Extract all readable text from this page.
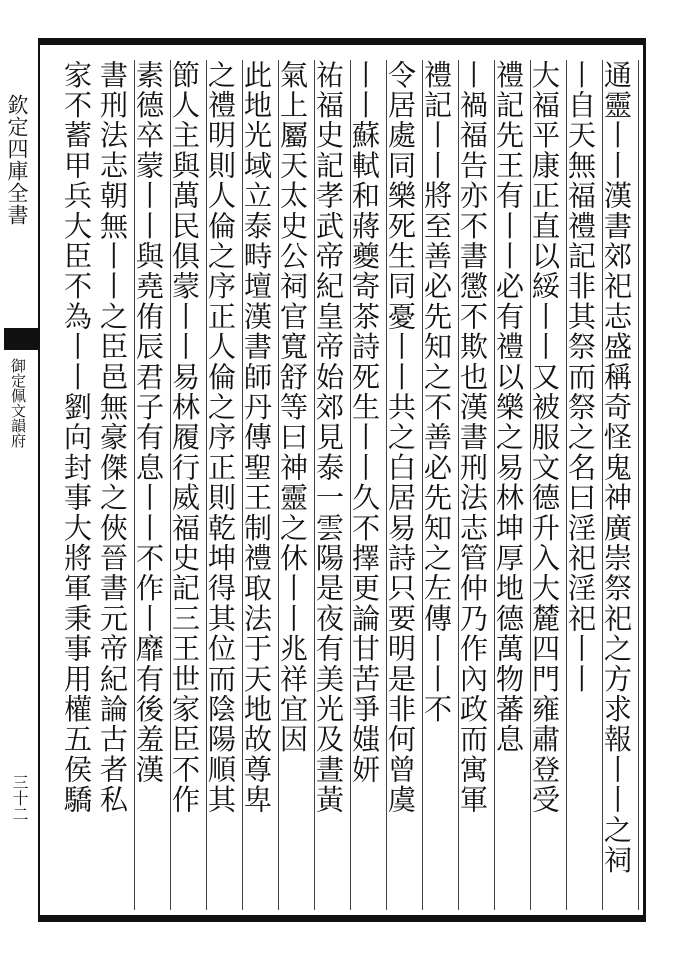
欽定四庫全書
御定佩文韻府
三十二	通靈丨丨漢書郊祀志盛稱奇怪鬼神廣崇祭祀之方求報丨丨之祠
丨自天無福禮記非其祭而祭之名曰淫祀淫祀丨丨
大福平康正直以綏丨丨又被服文德升入大麓四門雍肅登受
禮記先王有丨丨必有禮以樂之易林坤厚地德萬物蕃息
丨禍福告亦不書懲不欺也漢書刑法志管仲乃作內政而寓軍
禮記丨丨將至善必先知之不善必先知之左傳丨丨不
令居處同樂死生同憂丨丨共之白居易詩只要明是非何曾虞
丨丨蘇軾和蔣夔寄茶詩死生丨丨久不擇更論甘苦爭媸妍
祐福史記孝武帝紀皇帝始郊見泰一雲陽是夜有美光及晝黃
氣上屬天太史公祠官寬舒等曰神靈之休丨丨兆祥宜因
此地光域立泰畤壇漢書師丹傳聖王制禮取法于天地故尊卑
之禮明則人倫之序正人倫之序正則乾坤得其位而陰陽順其
節人主與萬民俱蒙丨丨易林履行威福史記三王世家臣不作
素德卒蒙丨丨與堯侑辰君子有息丨丨不作丨靡有後羞漢
書刑法志朝無丨丨之臣邑無豪傑之俠晉書元帝紀論古者私
家不蓄甲兵大臣不為丨丨劉向封事大將軍秉事用權五侯驕
